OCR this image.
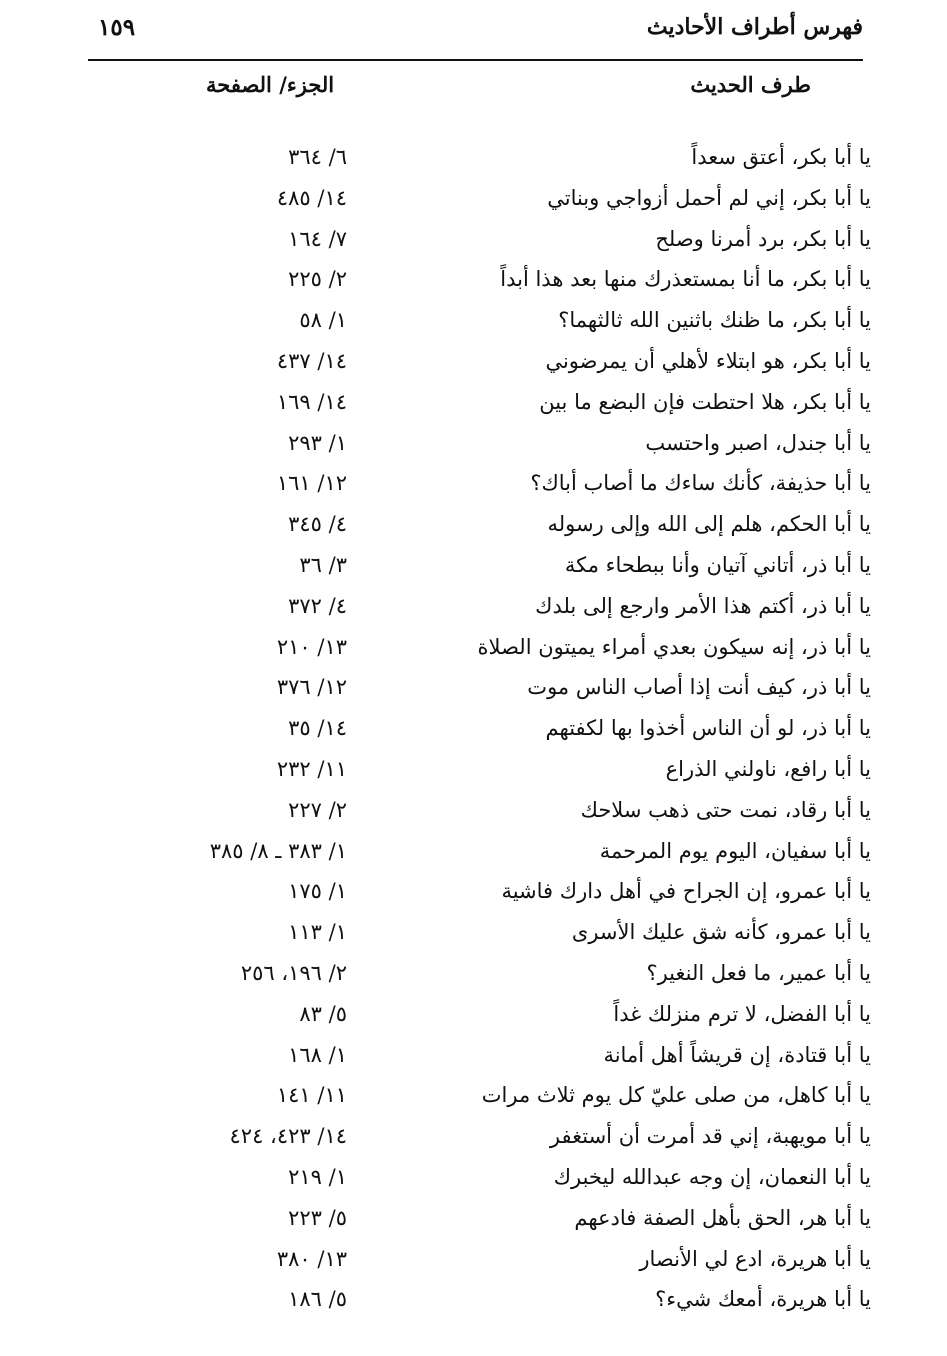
فهرس أطراف الأحاديث
١٥٩
طرف الحديث
الجزء/ الصفحة
يا أبا بكر، أعتق سعداً
٦/ ٣٦٤
يا أبا بكر، إني لم أحمل أزواجي وبناتي
١٤/ ٤٨٥
يا أبا بكر، برد أمرنا وصلح
٧/ ١٦٤
يا أبا بكر، ما أنا بمستعذرك منها بعد هذا أبداً
٢/ ٢٢٥
يا أبا بكر، ما ظنك باثنين الله ثالثهما؟
١/ ٥٨
يا أبا بكر، هو ابتلاء لأهلي أن يمرضوني
١٤/ ٤٣٧
يا أبا بكر، هلا احتطت فإن البضع ما بين
١٤/ ١٦٩
يا أبا جندل، اصبر واحتسب
١/ ٢٩٣
يا أبا حذيفة، كأنك ساءك ما أصاب أباك؟
١٢/ ١٦١
يا أبا الحكم، هلم إلى الله وإلى رسوله
٤/ ٣٤٥
يا أبا ذر، أتاني آتيان وأنا ببطحاء مكة
٣/ ٣٦
يا أبا ذر، أكتم هذا الأمر وارجع إلى بلدك
٤/ ٣٧٢
يا أبا ذر، إنه سيكون بعدي أمراء يميتون الصلاة
١٣/ ٢١٠
يا أبا ذر، كيف أنت إذا أصاب الناس موت
١٢/ ٣٧٦
يا أبا ذر، لو أن الناس أخذوا بها لكفتهم
١٤/ ٣٥
يا أبا رافع، ناولني الذراع
١١/ ٢٣٢
يا أبا رقاد، نمت حتى ذهب سلاحك
٢/ ٢٢٧
يا أبا سفيان، اليوم يوم المرحمة
١/ ٣٨٣ ـ ٨/ ٣٨٥
يا أبا عمرو، إن الجراح في أهل دارك فاشية
١/ ١٧٥
يا أبا عمرو، كأنه شق عليك الأسرى
١/ ١١٣
يا أبا عمير، ما فعل النغير؟
٢/ ١٩٦، ٢٥٦
يا أبا الفضل، لا ترم منزلك غداً
٥/ ٨٣
يا أبا قتادة، إن قريشاً أهل أمانة
١/ ١٦٨
يا أبا كاهل، من صلى عليّ كل يوم ثلاث مرات
١١/ ١٤١
يا أبا مويهبة، إني قد أمرت أن أستغفر
١٤/ ٤٢٣، ٤٢٤
يا أبا النعمان، إن وجه عبدالله ليخبرك
١/ ٢١٩
يا أبا هر، الحق بأهل الصفة فادعهم
٥/ ٢٢٣
يا أبا هريرة، ادع لي الأنصار
١٣/ ٣٨٠
يا أبا هريرة، أمعك شيء؟
٥/ ١٨٦
